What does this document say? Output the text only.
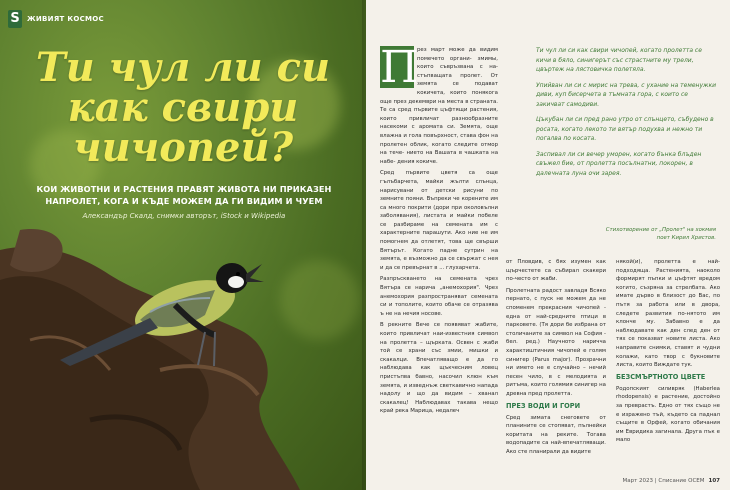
S	ЖИВИЯТ КОСМОС
Ти чул ли си как свири чичопей?
КОИ ЖИВОТНИ И РАСТЕНИЯ ПРАВЯТ ЖИВОТА НИ ПРИКАЗЕН НАПРОЛЕТ, КОГА И КЪДЕ МОЖЕМ ДА ГИ ВИДИМ И ЧУЕМ
Александър Скалд, снимки авторът, iStock и Wikipedia
П

рез март може да видим помечето органи- змимы, които съвръзвана с на- стъпващата пролет. От земята се подават кокичета, които понякога още през декември на места в страната. Те са сред първите цъфтящи растения, които привличат разнообразните насекоми с аромата си. Земята, още влажна и гола повърхност, става фон на пролетен облик, когато следите отмор на тече- нието на Вашата в чашката на набе- дения кокиче.

Сред първите цветя са още гълъбарчета, майки жълти слънца, нарисувани от детски рисуни по земните пояни. Въпреки че корените им са много покрити (дори при околовълни заболявания), листата и майки побеле се разбираме на семената им с характерните парашути. Ако ние не им помогнем да отлетят, това ще свърши Вятърът. Когато падне сутрин на земята, е възможно да се свържат с нея и да се превърнат в ... глухарчета.

Разпръскването на семената чрез Вятъра се нарича „анемохория". Чрез анемохория разпространяват семената си и тополите, които обаче се отразява ъ не на нечия носове.

В рекните Вече се появяват жабите, които привличат наи-известния символ на пролетта – щърката. Освен с жаби той се храни със змии, мишки и скакалци. Впечатляващо е да го наблюдава как щъкчесним ловец пристъпва бавно, насочил клюн към земята, и изведнъж светкавично напада надолу и що да видим – хванал скакалец! Наблюдавах такава нещо край река Марица, недалеч

Ти чул ли си как свири чичопей, когато пролетта се кичи в бяло, синигерът със страстните му трели, цвъртеж на лястовичка полетяла.

Упийван ли си с мирис на трева, с ухание на теменужки диви, куп бисерчета в тъмната гора, с които се закичват самодиви.

Цъкубан ли си пред рано утро от слънцето, събудено в росата, когато лекото ти вятър подухва и нежно ти погалва по косата.

Заспивал ли си вечер уморен, когато бънка блъден свъжел бие, от пролетта посълнатни, покорен, в далечната луна очи зарея.

Стихотворение от „Пролет" на хокмия поет Кирил Христов.

от Пловдив, с бях изумен как щърчестете са събирал скакери по-често от жаби.

Пролетната радост завладя Всяко пернато, с пуск не можем да не споменем прекрасния чичопей - една от най-средните птици в парковете. (Тя дори бе избрана от столичаните за символ на София - бел. ред.) Научното наричча характиштичния чичопей е голям синигер (Parus major). Прозрачни ни името не е случайно – нечий песен чило, в с мелодията и ритъма, които голямия синигер на древна пред пролетта.

ПРЕЗ ВОДИ И ГОРИ

Сред зимата снеговете от планините се стопяват, пълнейки коритата на реките. Тогава водопадите са най-впечатляващи. Ако сте планирали да видите

някой(и), пролетта е най-подходяща. Растенията, наоколо формирят пъпки и цъфтят вредом когито, съзряна за стрелбата. Ако имате дърво в близост до Вас, по пътя за работа или в двора, следете развития по-нятото им клонче му. Забавно е да наблюдавате как ден след ден от тях се показват новите листа. Ако направите снимки, ставят и чудни колажи, като твор с букновите листа, които Виждате тук.

БЕЗСМЪРТНОТО ЦВЕТЕ

Родопският силивряк (Haberlea rhodopensis) е растение, достойно за преврастъ. Едно от тях също не е изражено тъй, където са паднал същите в Орфей, когато обичания им Евридика загинала. Друга пък е мало

Март 2023 | Списание ОСЕМ 107
